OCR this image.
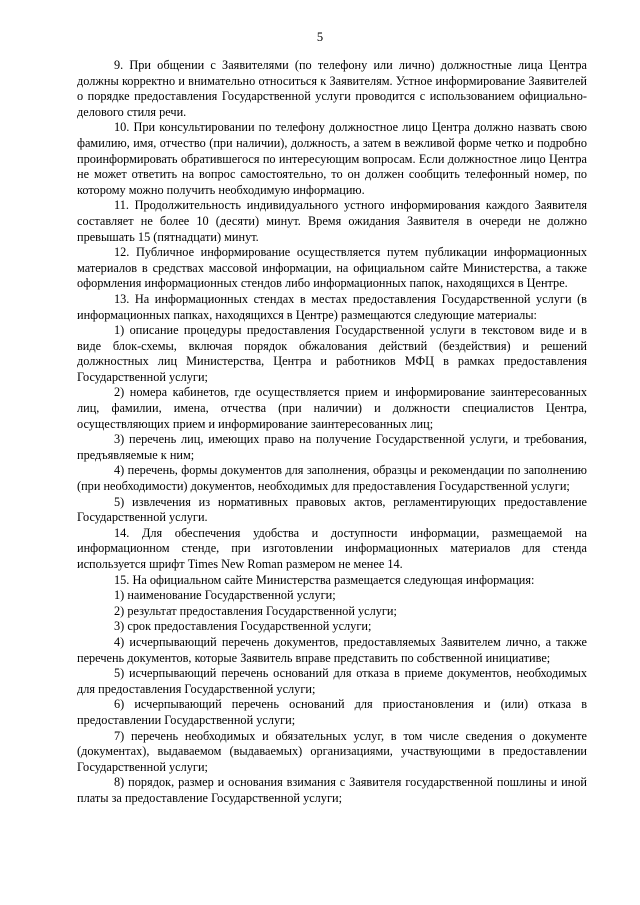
5

9. При общении с Заявителями (по телефону или лично) должностные лица Центра должны корректно и внимательно относиться к Заявителям. Устное информирование Заявителей о порядке предоставления Государственной услуги проводится с использованием официально-делового стиля речи.

10. При консультировании по телефону должностное лицо Центра должно назвать свою фамилию, имя, отчество (при наличии), должность, а затем в вежливой форме четко и подробно проинформировать обратившегося по интересующим вопросам. Если должностное лицо Центра не может ответить на вопрос самостоятельно, то он должен сообщить телефонный номер, по которому можно получить необходимую информацию.

11. Продолжительность индивидуального устного информирования каждого Заявителя составляет не более 10 (десяти) минут. Время ожидания Заявителя в очереди не должно превышать 15 (пятнадцати) минут.

12. Публичное информирование осуществляется путем публикации информационных материалов в средствах массовой информации, на официальном сайте Министерства, а также оформления информационных стендов либо информационных папок, находящихся в Центре.

13. На информационных стендах в местах предоставления Государственной услуги (в информационных папках, находящихся в Центре) размещаются следующие материалы:

1) описание процедуры предоставления Государственной услуги в текстовом виде и в виде блок-схемы, включая порядок обжалования действий (бездействия) и решений должностных лиц Министерства, Центра и работников МФЦ в рамках предоставления Государственной услуги;

2) номера кабинетов, где осуществляется прием и информирование заинтересованных лиц, фамилии, имена, отчества (при наличии) и должности специалистов Центра, осуществляющих прием и информирование заинтересованных лиц;

3) перечень лиц, имеющих право на получение Государственной услуги, и требования, предъявляемые к ним;

4) перечень, формы документов для заполнения, образцы и рекомендации по заполнению (при необходимости) документов, необходимых для предоставления Государственной услуги;

5) извлечения из нормативных правовых актов, регламентирующих предоставление Государственной услуги.

14. Для обеспечения удобства и доступности информации, размещаемой на информационном стенде, при изготовлении информационных материалов для стенда используется шрифт Times New Roman размером не менее 14.

15. На официальном сайте Министерства размещается следующая информация:

1) наименование Государственной услуги;

2) результат предоставления Государственной услуги;

3) срок предоставления Государственной услуги;

4) исчерпывающий перечень документов, предоставляемых Заявителем лично, а также перечень документов, которые Заявитель вправе представить по собственной инициативе;

5) исчерпывающий перечень оснований для отказа в приеме документов, необходимых для предоставления Государственной услуги;

6) исчерпывающий перечень оснований для приостановления и (или) отказа в предоставлении Государственной услуги;

7) перечень необходимых и обязательных услуг, в том числе сведения о документе (документах), выдаваемом (выдаваемых) организациями, участвующими в предоставлении Государственной услуги;

8) порядок, размер и основания взимания с Заявителя государственной пошлины и иной платы за предоставление Государственной услуги;
